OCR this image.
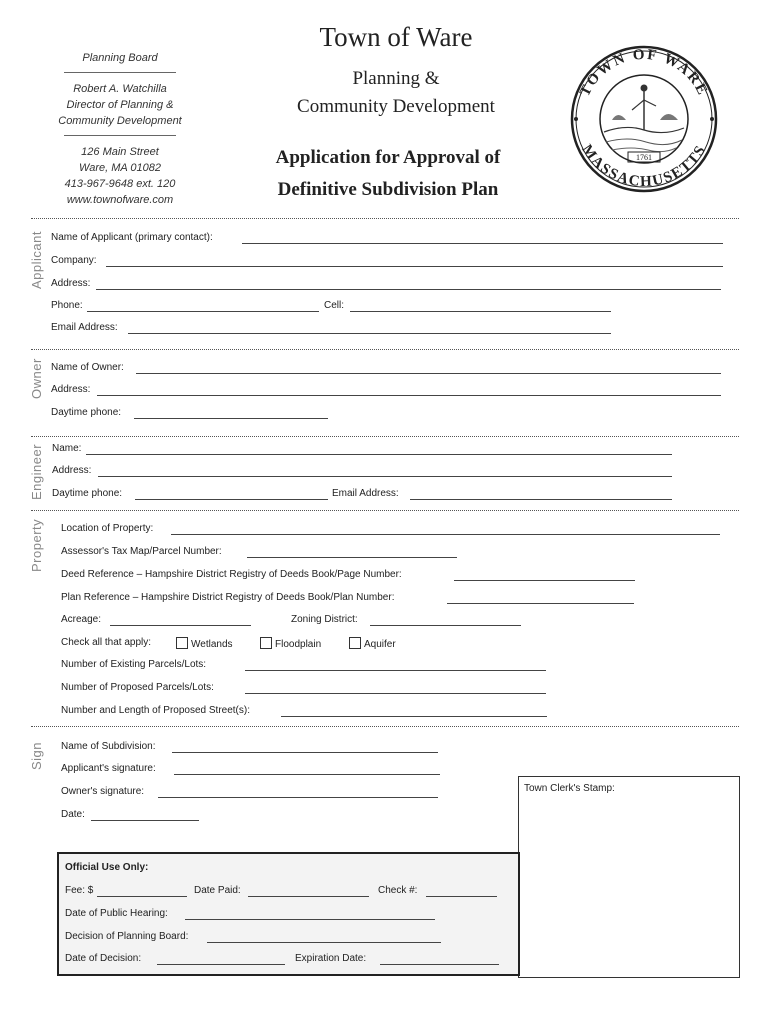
Planning Board
Robert A. Watchilla
Director of Planning &
Community Development
126 Main Street
Ware, MA 01082
413-967-9648 ext. 120
www.townofware.com
Town of Ware
Planning &
Community Development
Application for Approval of
Definitive Subdivision Plan
1761
TOWN OF WARE
MASSACHUSETTS
Applicant Name of Applicant (primary contact):
Company:
Address:
Phone:	Cell:
Email Address:
Owner Name of Owner:
Address:
Daytime phone:
Engineer Name:
Address:
Daytime phone:	Email Address:
Property Location of Property:
Assessor's Tax Map/Parcel Number:
Deed Reference – Hampshire District Registry of Deeds Book/Page Number:
Plan Reference – Hampshire District Registry of Deeds Book/Plan Number:
Acreage:	Zoning District:
Check all that apply:	Wetlands	Floodplain	Aquifer
Number of Existing Parcels/Lots:
Number of Proposed Parcels/Lots:
Number and Length of Proposed Street(s):
Sign Name of Subdivision:
Applicant's signature:
Owner's signature:
Date:
Town Clerk's Stamp:
Official Use Only:
Fee: $	Date Paid:	Check #:
Date of Public Hearing:
Decision of Planning Board:
Date of Decision:	Expiration Date:
